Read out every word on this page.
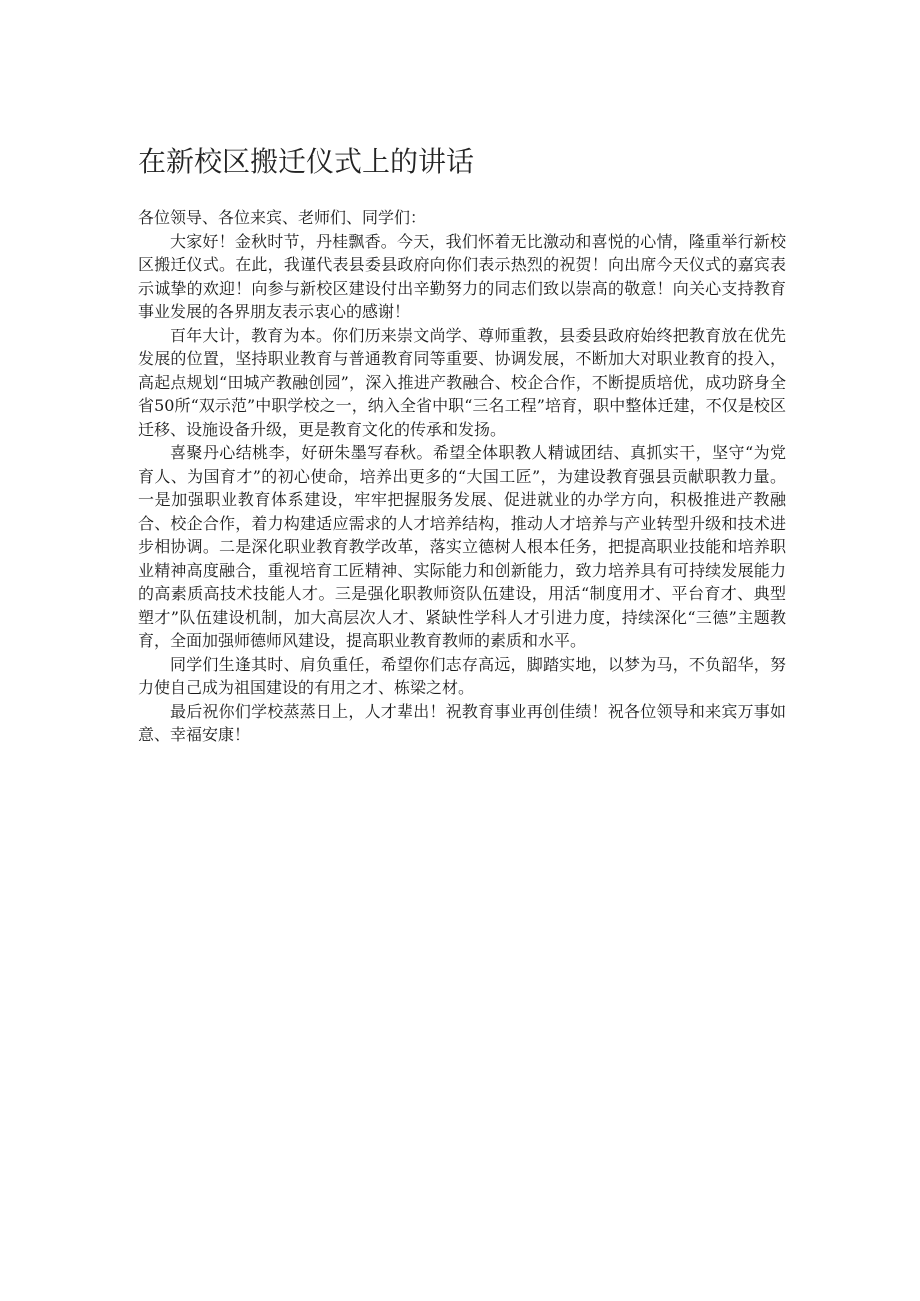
在新校区搬迁仪式上的讲话

各位领导、各位来宾、老师们、同学们：

大家好！金秋时节，丹桂飘香。今天，我们怀着无比激动和喜悦的心情，隆重举行新校区搬迁仪式。在此，我谨代表县委县政府向你们表示热烈的祝贺！向出席今天仪式的嘉宾表示诚挚的欢迎！向参与新校区建设付出辛勤努力的同志们致以崇高的敬意！向关心支持教育事业发展的各界朋友表示衷心的感谢！

百年大计，教育为本。你们历来崇文尚学、尊师重教，县委县政府始终把教育放在优先发展的位置，坚持职业教育与普通教育同等重要、协调发展，不断加大对职业教育的投入，高起点规划“田城产教融创园”，深入推进产教融合、校企合作，不断提质培优，成功跻身全省50所“双示范”中职学校之一，纳入全省中职“三名工程”培育，职中整体迁建，不仅是校区迁移、设施设备升级，更是教育文化的传承和发扬。

喜聚丹心结桃李，好研朱墨写春秋。希望全体职教人精诚团结、真抓实干，坚守“为党育人、为国育才”的初心使命，培养出更多的“大国工匠”，为建设教育强县贡献职教力量。一是加强职业教育体系建设，牢牢把握服务发展、促进就业的办学方向，积极推进产教融合、校企合作，着力构建适应需求的人才培养结构，推动人才培养与产业转型升级和技术进步相协调。二是深化职业教育教学改革，落实立德树人根本任务，把提高职业技能和培养职业精神高度融合，重视培育工匠精神、实际能力和创新能力，致力培养具有可持续发展能力的高素质高技术技能人才。三是强化职教师资队伍建设，用活“制度用才、平台育才、典型塑才”队伍建设机制，加大高层次人才、紧缺性学科人才引进力度，持续深化“三德”主题教育，全面加强师德师风建设，提高职业教育教师的素质和水平。

同学们生逢其时、肩负重任，希望你们志存高远，脚踏实地，以梦为马，不负韶华，努力使自己成为祖国建设的有用之才、栋梁之材。

最后祝你们学校蒸蒸日上，人才辈出！祝教育事业再创佳绩！祝各位领导和来宾万事如意、幸福安康！
